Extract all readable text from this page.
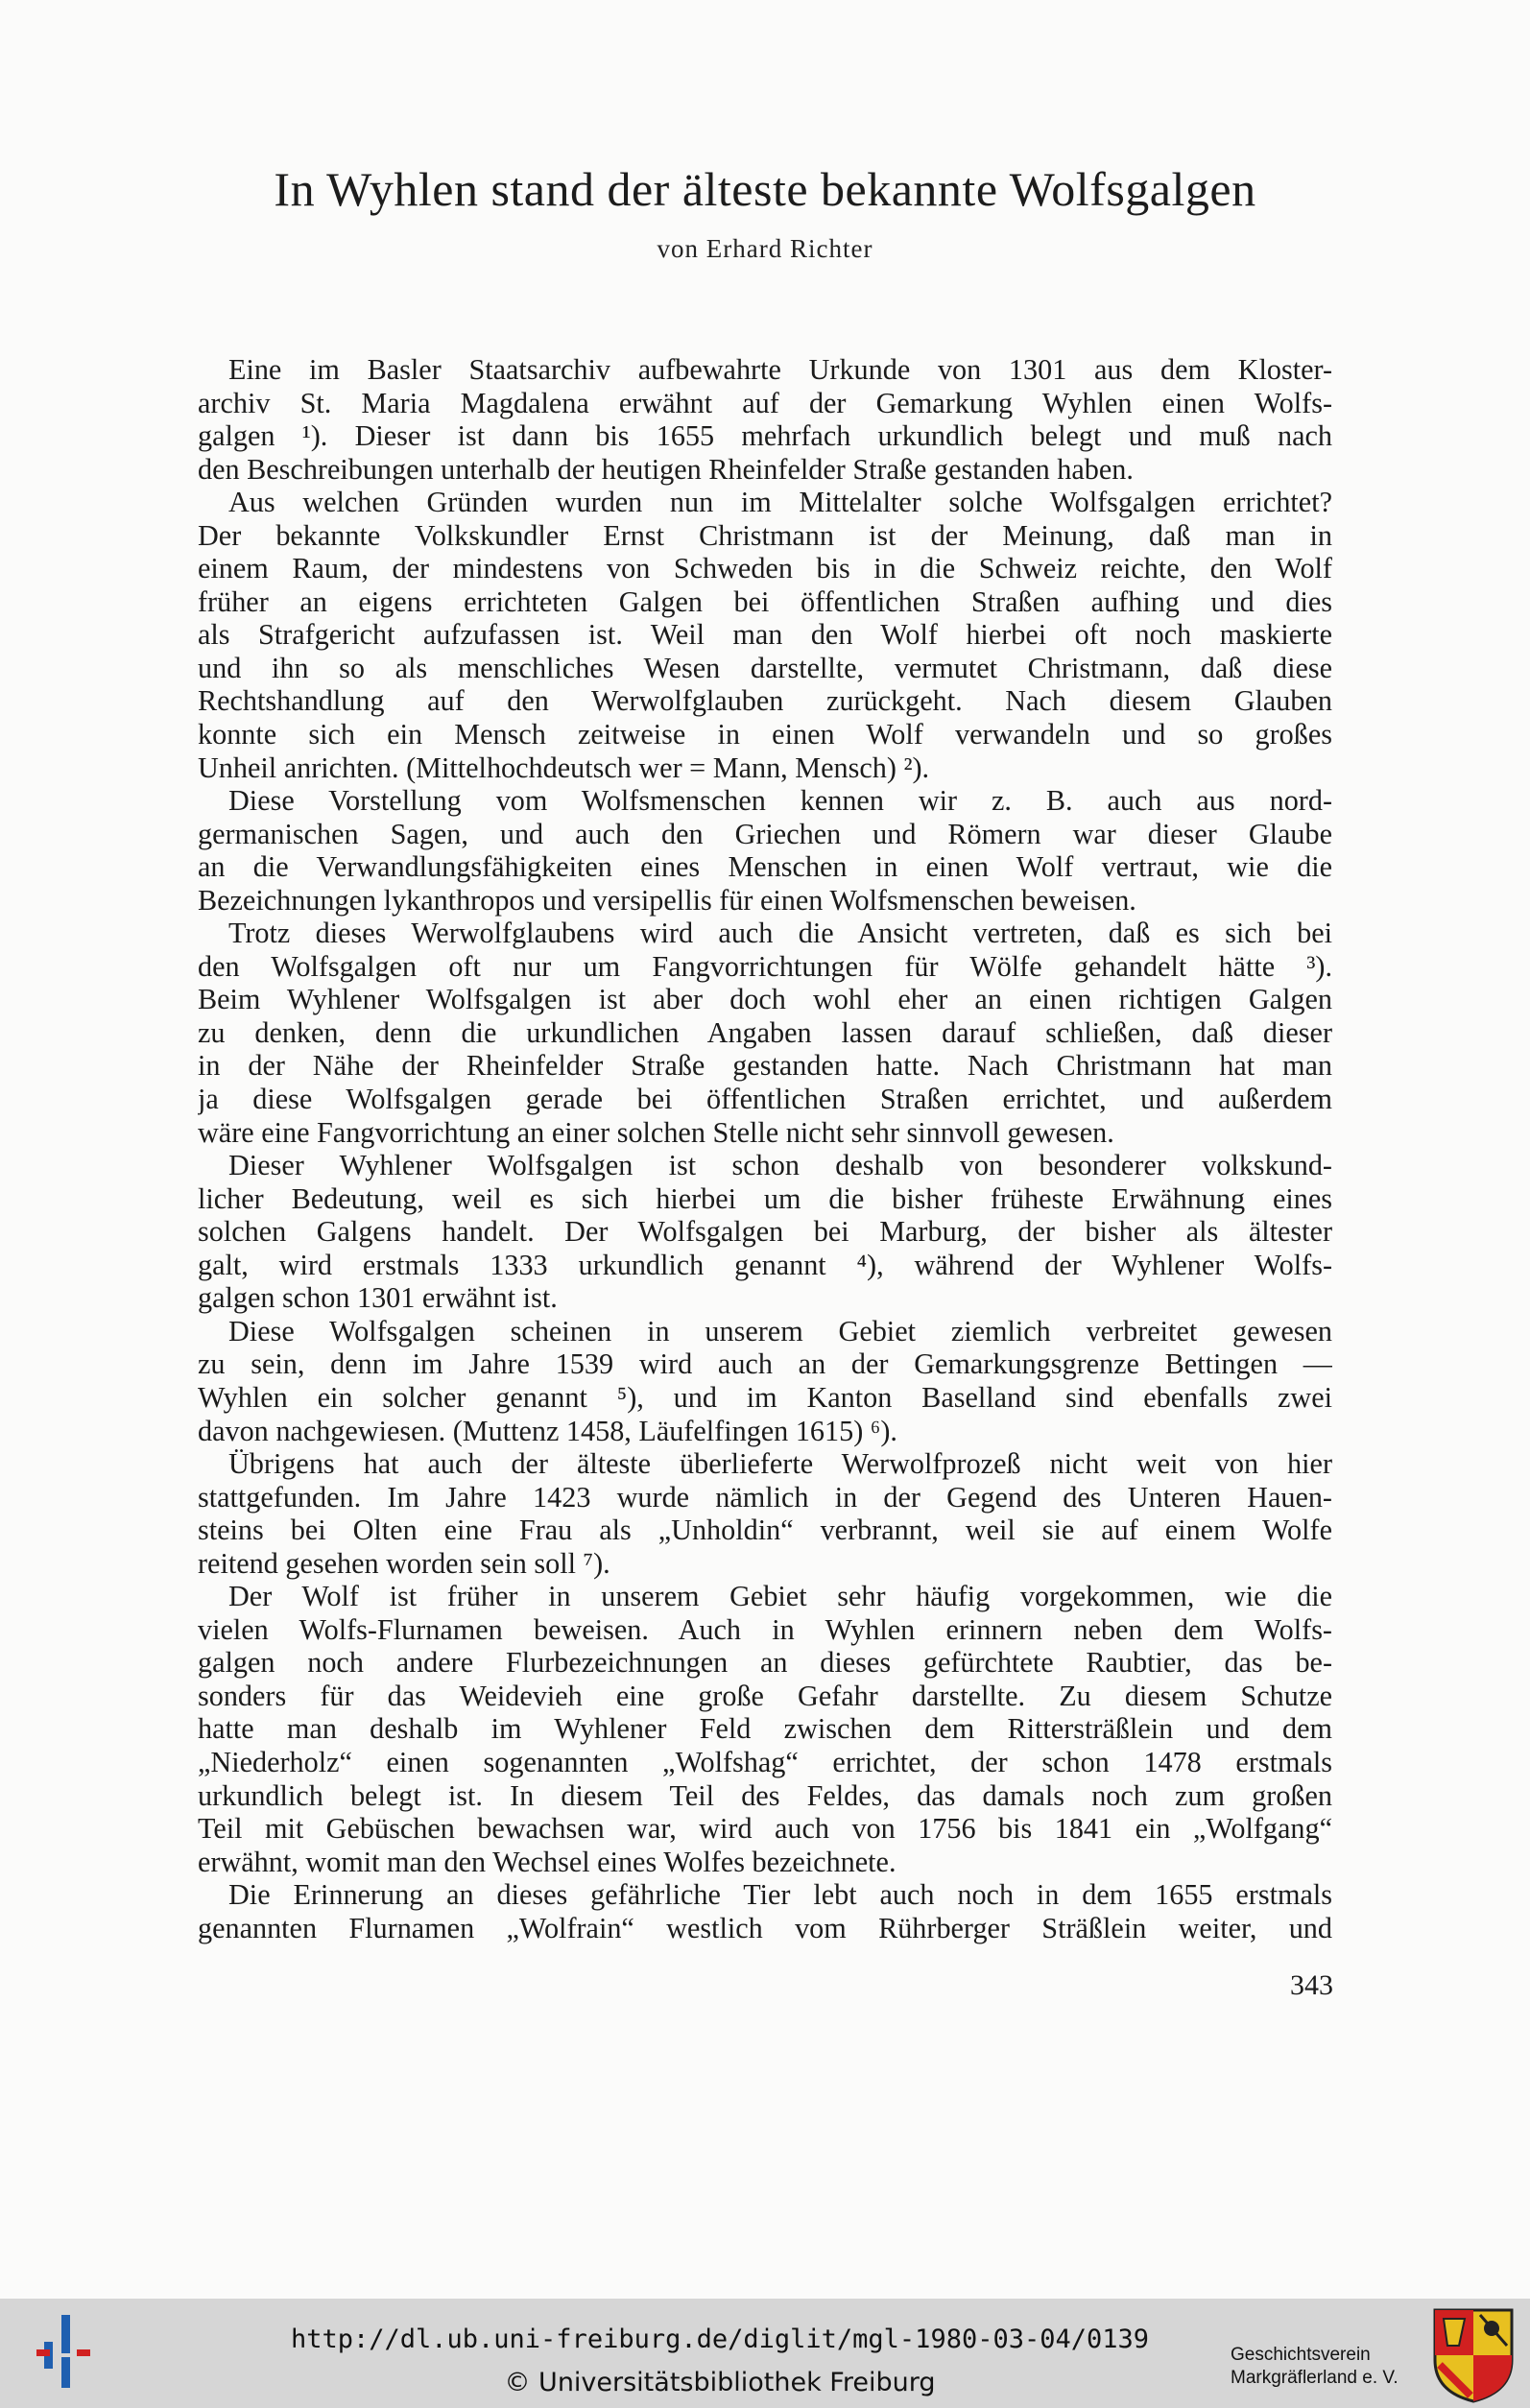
In Wyhlen stand der älteste bekannte Wolfsgalgen
von Erhard Richter
Eine im Basler Staatsarchiv aufbewahrte Urkunde von 1301 aus dem Kloster-
archiv St. Maria Magdalena erwähnt auf der Gemarkung Wyhlen einen Wolfs-
galgen ¹). Dieser ist dann bis 1655 mehrfach urkundlich belegt und muß nach
den Beschreibungen unterhalb der heutigen Rheinfelder Straße gestanden haben.
Aus welchen Gründen wurden nun im Mittelalter solche Wolfsgalgen errichtet?
Der bekannte Volkskundler Ernst Christmann ist der Meinung, daß man in
einem Raum, der mindestens von Schweden bis in die Schweiz reichte, den Wolf
früher an eigens errichteten Galgen bei öffentlichen Straßen aufhing und dies
als Strafgericht aufzufassen ist. Weil man den Wolf hierbei oft noch maskierte
und ihn so als menschliches Wesen darstellte, vermutet Christmann, daß diese
Rechtshandlung auf den Werwolfglauben zurückgeht. Nach diesem Glauben
konnte sich ein Mensch zeitweise in einen Wolf verwandeln und so großes
Unheil anrichten. (Mittelhochdeutsch wer = Mann, Mensch) ²).
Diese Vorstellung vom Wolfsmenschen kennen wir z. B. auch aus nord-
germanischen Sagen, und auch den Griechen und Römern war dieser Glaube
an die Verwandlungsfähigkeiten eines Menschen in einen Wolf vertraut, wie die
Bezeichnungen lykanthropos und versipellis für einen Wolfsmenschen beweisen.
Trotz dieses Werwolfglaubens wird auch die Ansicht vertreten, daß es sich bei
den Wolfsgalgen oft nur um Fangvorrichtungen für Wölfe gehandelt hätte ³).
Beim Wyhlener Wolfsgalgen ist aber doch wohl eher an einen richtigen Galgen
zu denken, denn die urkundlichen Angaben lassen darauf schließen, daß dieser
in der Nähe der Rheinfelder Straße gestanden hatte. Nach Christmann hat man
ja diese Wolfsgalgen gerade bei öffentlichen Straßen errichtet, und außerdem
wäre eine Fangvorrichtung an einer solchen Stelle nicht sehr sinnvoll gewesen.
Dieser Wyhlener Wolfsgalgen ist schon deshalb von besonderer volkskund-
licher Bedeutung, weil es sich hierbei um die bisher früheste Erwähnung eines
solchen Galgens handelt. Der Wolfsgalgen bei Marburg, der bisher als ältester
galt, wird erstmals 1333 urkundlich genannt ⁴), während der Wyhlener Wolfs-
galgen schon 1301 erwähnt ist.
Diese Wolfsgalgen scheinen in unserem Gebiet ziemlich verbreitet gewesen
zu sein, denn im Jahre 1539 wird auch an der Gemarkungsgrenze Bettingen —
Wyhlen ein solcher genannt ⁵), und im Kanton Baselland sind ebenfalls zwei
davon nachgewiesen. (Muttenz 1458, Läufelfingen 1615) ⁶).
Übrigens hat auch der älteste überlieferte Werwolfprozeß nicht weit von hier
stattgefunden. Im Jahre 1423 wurde nämlich in der Gegend des Unteren Hauen-
steins bei Olten eine Frau als „Unholdin“ verbrannt, weil sie auf einem Wolfe
reitend gesehen worden sein soll ⁷).
Der Wolf ist früher in unserem Gebiet sehr häufig vorgekommen, wie die
vielen Wolfs-Flurnamen beweisen. Auch in Wyhlen erinnern neben dem Wolfs-
galgen noch andere Flurbezeichnungen an dieses gefürchtete Raubtier, das be-
sonders für das Weidevieh eine große Gefahr darstellte. Zu diesem Schutze
hatte man deshalb im Wyhlener Feld zwischen dem Rittersträßlein und dem
„Niederholz“ einen sogenannten „Wolfshag“ errichtet, der schon 1478 erstmals
urkundlich belegt ist. In diesem Teil des Feldes, das damals noch zum großen
Teil mit Gebüschen bewachsen war, wird auch von 1756 bis 1841 ein „Wolfgang“
erwähnt, womit man den Wechsel eines Wolfes bezeichnete.
Die Erinnerung an dieses gefährliche Tier lebt auch noch in dem 1655 erstmals
genannten Flurnamen „Wolfrain“ westlich vom Rührberger Sträßlein weiter, und
343
http://dl.ub.uni-freiburg.de/diglit/mgl-1980-03-04/0139
© Universitätsbibliothek Freiburg
Geschichtsverein
Markgräflerland e. V.
